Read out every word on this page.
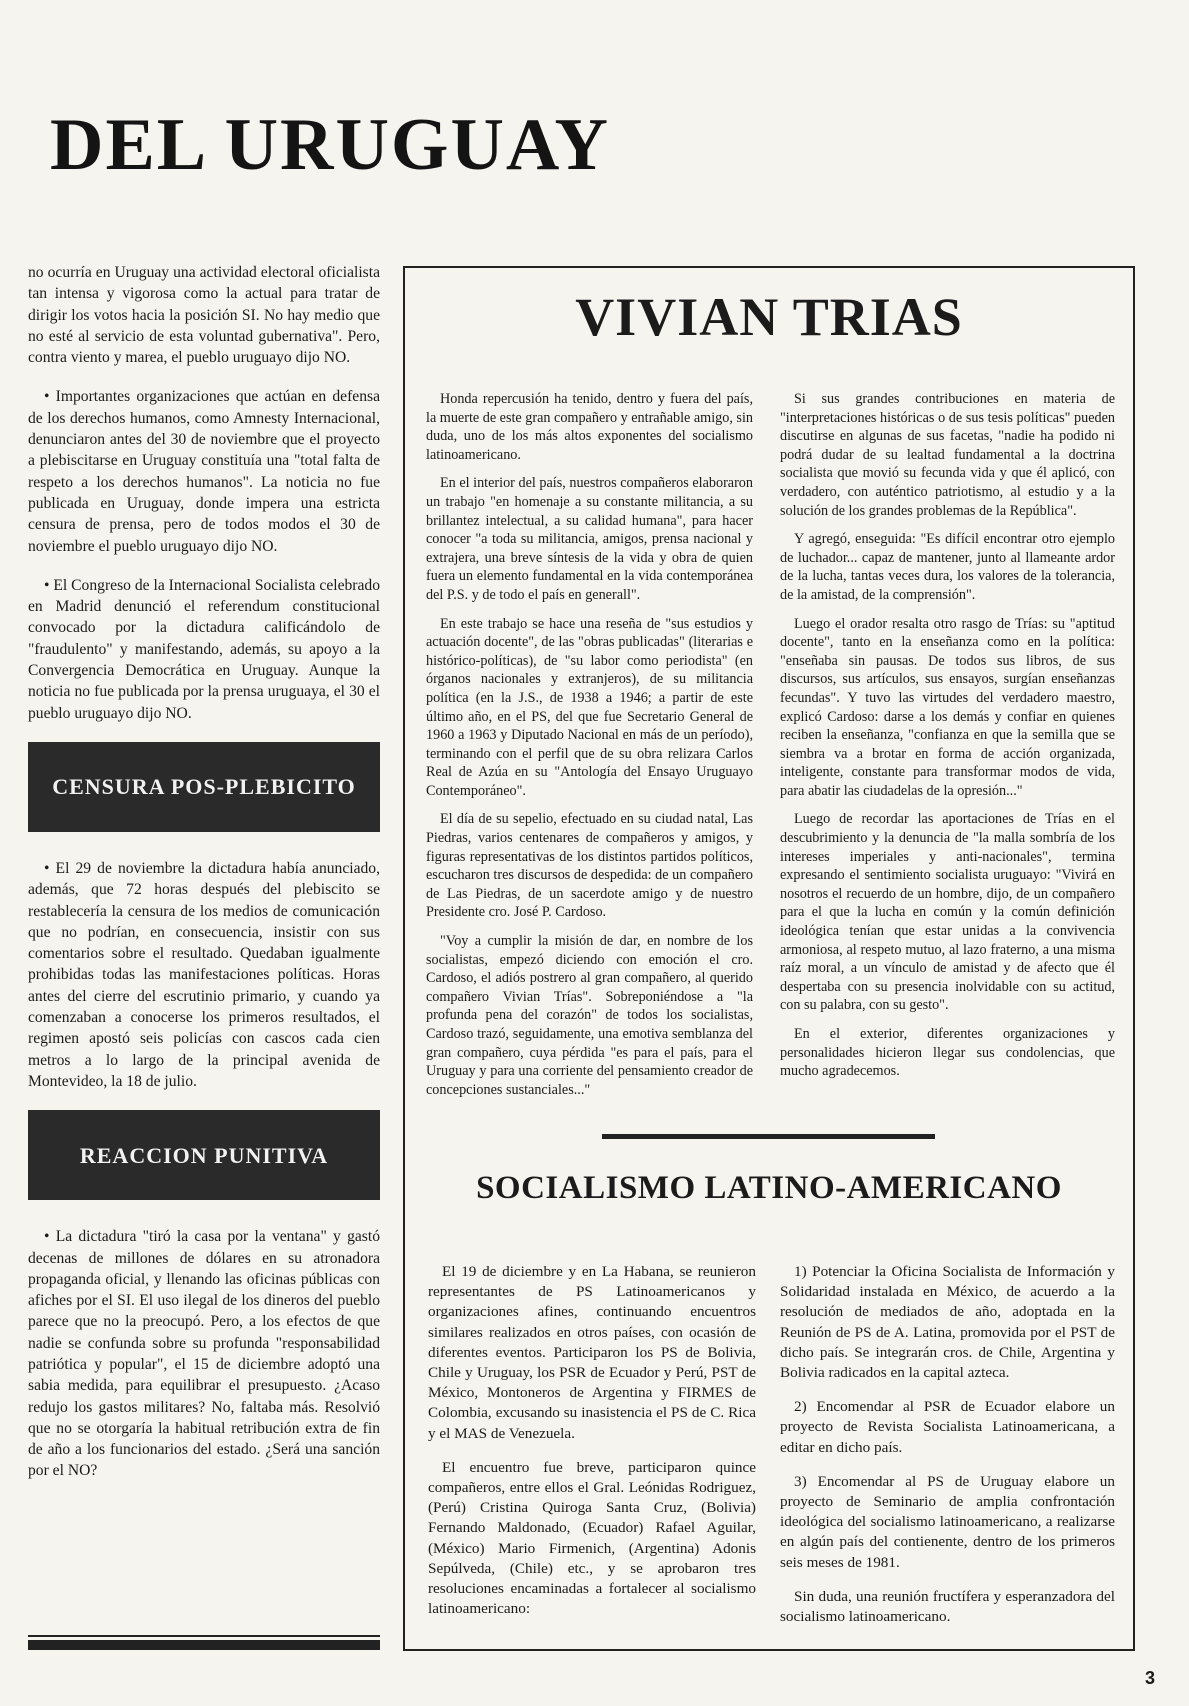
DEL URUGUAY

no ocurría en Uruguay una actividad electoral oficialista tan intensa y vigorosa como la actual para tratar de dirigir los votos hacia la posición SI. No hay medio que no esté al servicio de esta voluntad gubernativa". Pero, contra viento y marea, el pueblo uruguayo dijo NO.

• Importantes organizaciones que actúan en defensa de los derechos humanos, como Amnesty Internacional, denunciaron antes del 30 de noviembre que el proyecto a plebiscitarse en Uruguay constituía una "total falta de respeto a los derechos humanos". La noticia no fue publicada en Uruguay, donde impera una estricta censura de prensa, pero de todos modos el 30 de noviembre el pueblo uruguayo dijo NO.

• El Congreso de la Internacional Socialista celebrado en Madrid denunció el referendum constitucional convocado por la dictadura calificándolo de "fraudulento" y manifestando, además, su apoyo a la Convergencia Democrática en Uruguay. Aunque la noticia no fue publicada por la prensa uruguaya, el 30 el pueblo uruguayo dijo NO.

CENSURA POS-PLEBICITO

• El 29 de noviembre la dictadura había anunciado, además, que 72 horas después del plebiscito se restablecería la censura de los medios de comunicación que no podrían, en consecuencia, insistir con sus comentarios sobre el resultado. Quedaban igualmente prohibidas todas las manifestaciones políticas. Horas antes del cierre del escrutinio primario, y cuando ya comenzaban a conocerse los primeros resultados, el regimen apostó seis policías con cascos cada cien metros a lo largo de la principal avenida de Montevideo, la 18 de julio.

REACCION PUNITIVA

• La dictadura "tiró la casa por la ventana" y gastó decenas de millones de dólares en su atronadora propaganda oficial, y llenando las oficinas públicas con afiches por el SI. El uso ilegal de los dineros del pueblo parece que no la preocupó. Pero, a los efectos de que nadie se confunda sobre su profunda "responsabilidad patriótica y popular", el 15 de diciembre adoptó una sabia medida, para equilibrar el presupuesto. ¿Acaso redujo los gastos militares? No, faltaba más. Resolvió que no se otorgaría la habitual retribución extra de fin de año a los funcionarios del estado. ¿Será una sanción por el NO?

VIVIAN TRIAS

Honda repercusión ha tenido, dentro y fuera del país, la muerte de este gran compañero y entrañable amigo, sin duda, uno de los más altos exponentes del socialismo latinoamericano.

En el interior del país, nuestros compañeros elaboraron un trabajo "en homenaje a su constante militancia, a su brillantez intelectual, a su calidad humana", para hacer conocer "a toda su militancia, amigos, prensa nacional y extrajera, una breve síntesis de la vida y obra de quien fuera un elemento fundamental en la vida contemporánea del P.S. y de todo el país en generall".

En este trabajo se hace una reseña de "sus estudios y actuación docente", de las "obras publicadas" (literarias e histórico-políticas), de "su labor como periodista" (en órganos nacionales y extranjeros), de su militancia política (en la J.S., de 1938 a 1946; a partir de este último año, en el PS, del que fue Secretario General de 1960 a 1963 y Diputado Nacional en más de un período), terminando con el perfil que de su obra relizara Carlos Real de Azúa en su "Antología del Ensayo Uruguayo Contemporáneo".

El día de su sepelio, efectuado en su ciudad natal, Las Piedras, varios centenares de compañeros y amigos, y figuras representativas de los distintos partidos políticos, escucharon tres discursos de despedida: de un compañero de Las Piedras, de un sacerdote amigo y de nuestro Presidente cro. José P. Cardoso.

"Voy a cumplir la misión de dar, en nombre de los socialistas, empezó diciendo con emoción el cro. Cardoso, el adiós postrero al gran compañero, al querido compañero Vivian Trías". Sobreponiéndose a "la profunda pena del corazón" de todos los socialistas, Cardoso trazó, seguidamente, una emotiva semblanza del gran compañero, cuya pérdida "es para el país, para el Uruguay y para una corriente del pensamiento creador de concepciones sustanciales..."

Si sus grandes contribuciones en materia de "interpretaciones históricas o de sus tesis políticas" pueden discutirse en algunas de sus facetas, "nadie ha podido ni podrá dudar de su lealtad fundamental a la doctrina socialista que movió su fecunda vida y que él aplicó, con verdadero, con auténtico patriotismo, al estudio y a la solución de los grandes problemas de la República".

Y agregó, enseguida: "Es difícil encontrar otro ejemplo de luchador... capaz de mantener, junto al llameante ardor de la lucha, tantas veces dura, los valores de la tolerancia, de la amistad, de la comprensión".

Luego el orador resalta otro rasgo de Trías: su "aptitud docente", tanto en la enseñanza como en la política: "enseñaba sin pausas. De todos sus libros, de sus discursos, sus artículos, sus ensayos, surgían enseñanzas fecundas". Y tuvo las virtudes del verdadero maestro, explicó Cardoso: darse a los demás y confiar en quienes reciben la enseñanza, "confianza en que la semilla que se siembra va a brotar en forma de acción organizada, inteligente, constante para transformar modos de vida, para abatir las ciudadelas de la opresión..."

Luego de recordar las aportaciones de Trías en el descubrimiento y la denuncia de "la malla sombría de los intereses imperiales y anti-nacionales", termina expresando el sentimiento socialista uruguayo: "Vivirá en nosotros el recuerdo de un hombre, dijo, de un compañero para el que la lucha en común y la común definición ideológica tenían que estar unidas a la convivencia armoniosa, al respeto mutuo, al lazo fraterno, a una misma raíz moral, a un vínculo de amistad y de afecto que él despertaba con su presencia inolvidable con su actitud, con su palabra, con su gesto".

En el exterior, diferentes organizaciones y personalidades hicieron llegar sus condolencias, que mucho agradecemos.

SOCIALISMO LATINO-AMERICANO

El 19 de diciembre y en La Habana, se reunieron representantes de PS Latinoamericanos y organizaciones afines, continuando encuentros similares realizados en otros países, con ocasión de diferentes eventos. Participaron los PS de Bolivia, Chile y Uruguay, los PSR de Ecuador y Perú, PST de México, Montoneros de Argentina y FIRMES de Colombia, excusando su inasistencia el PS de C. Rica y el MAS de Venezuela.

El encuentro fue breve, participaron quince compañeros, entre ellos el Gral. Leónidas Rodriguez, (Perú) Cristina Quiroga Santa Cruz, (Bolivia) Fernando Maldonado, (Ecuador) Rafael Aguilar, (México) Mario Firmenich, (Argentina) Adonis Sepúlveda, (Chile) etc., y se aprobaron tres resoluciones encaminadas a fortalecer al socialismo latinoamericano:

1) Potenciar la Oficina Socialista de Información y Solidaridad instalada en México, de acuerdo a la resolución de mediados de año, adoptada en la Reunión de PS de A. Latina, promovida por el PST de dicho país. Se integrarán cros. de Chile, Argentina y Bolivia radicados en la capital azteca.

2) Encomendar al PSR de Ecuador elabore un proyecto de Revista Socialista Latinoamericana, a editar en dicho país.

3) Encomendar al PS de Uruguay elabore un proyecto de Seminario de amplia confrontación ideológica del socialismo latinoamericano, a realizarse en algún país del contienente, dentro de los primeros seis meses de 1981.

Sin duda, una reunión fructífera y esperanzadora del socialismo latinoamericano.

3
